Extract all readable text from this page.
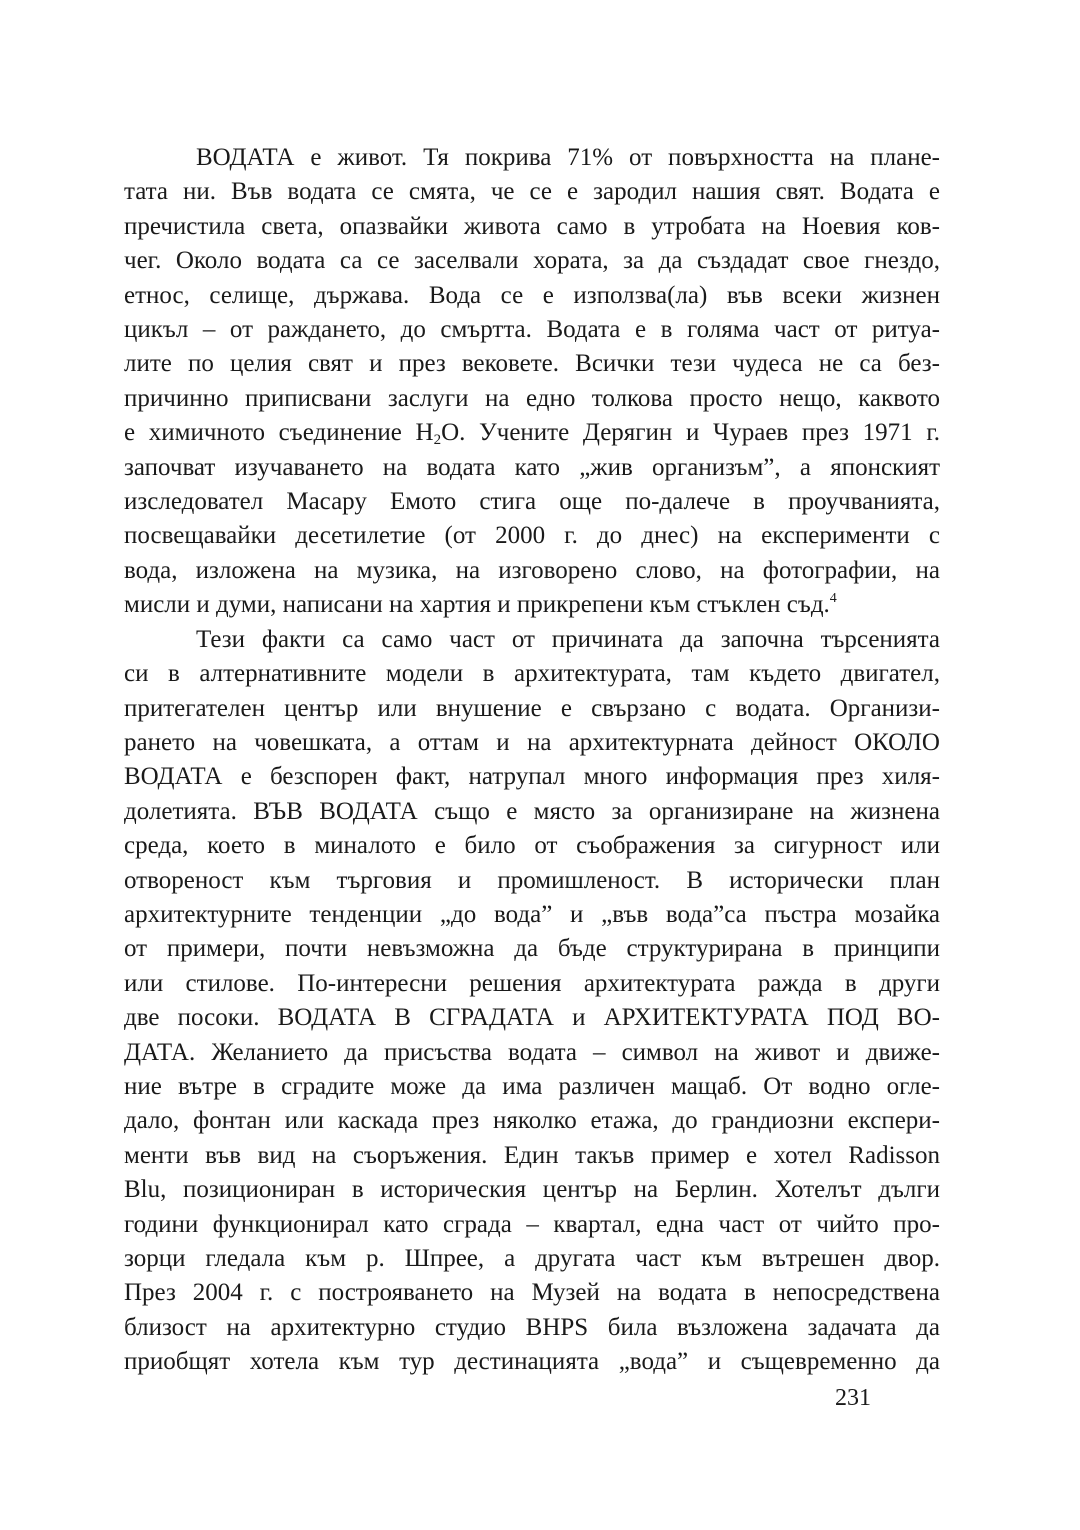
ВОДАТА е живот. Тя покрива 71% от повърхността на плане-
тата ни. Във водата се смята, че се е зародил нашия свят. Водата е
пречистила света, опазвайки живота само в утробата на Ноевия ков-
чег. Около водата са се заселвали хората, за да създадат свое гнездо,
етнос, селище, държава. Вода се е използва(ла) във всеки жизнен
цикъл – от раждането, до смъртта. Водата е в голяма част от ритуа-
лите по целия свят и през вековете. Всички тези чудеса не са без-
причинно приписвани заслуги на едно толкова просто нещо, каквото
е химичното съединение $Н_2О$. Учените Дерягин и Чураев през 1971 г.
започват изучаването на водата като „жив организъм”, а японският
изследовател Масару Емото стига още по-далече в проучванията,
посвещавайки десетилетие (от 2000 г. до днес) на експерименти с
вода, изложена на музика, на изговорено слово, на фотографии, на
мисли и думи, написани на хартия и прикрепени към стъклен съд.$^4$
Тези факти са само част от причината да започна търсенията
си в алтернативните модели в архитектурата, там където двигател,
притегателен център или внушение е свързано с водата. Организи-
рането на човешката, а оттам и на архитектурната дейност ОКОЛО
ВОДАТА е безспорен факт, натрупал много информация през хиля-
долетията. ВЪВ ВОДАТА също е място за организиране на жизнена
среда, което в миналото е било от съображения за сигурност или
отвореност към търговия и промишленост. В исторически план
архитектурните тенденции „до вода” и „във вода”са пъстра мозайка
от примери, почти невъзможна да бъде структурирана в принципи
или стилове. По-интересни решения архитектурата ражда в други
две посоки. ВОДАТА В СГРАДАТА и АРХИТЕКТУРАТА ПОД ВО-
ДАТА. Желанието да присъства водата – символ на живот и движе-
ние вътре в сградите може да има различен мащаб. От водно огле-
дало, фонтан или каскада през няколко етажа, до грандиозни експери-
менти във вид на съоръжения. Един такъв пример е хотел Radisson
Blu, позициониран в историческия център на Берлин. Хотелът дълги
години функционирал като сграда – квартал, една част от чийто про-
зорци гледала към р. Шпрее, а другата част към вътрешен двор.
През 2004 г. с построяването на Музей на водата в непосредствена
близост на архитектурно студио BHPS била възложена задачата да
приобщят хотела към тур дестинацията „вода” и същевременно да
231
